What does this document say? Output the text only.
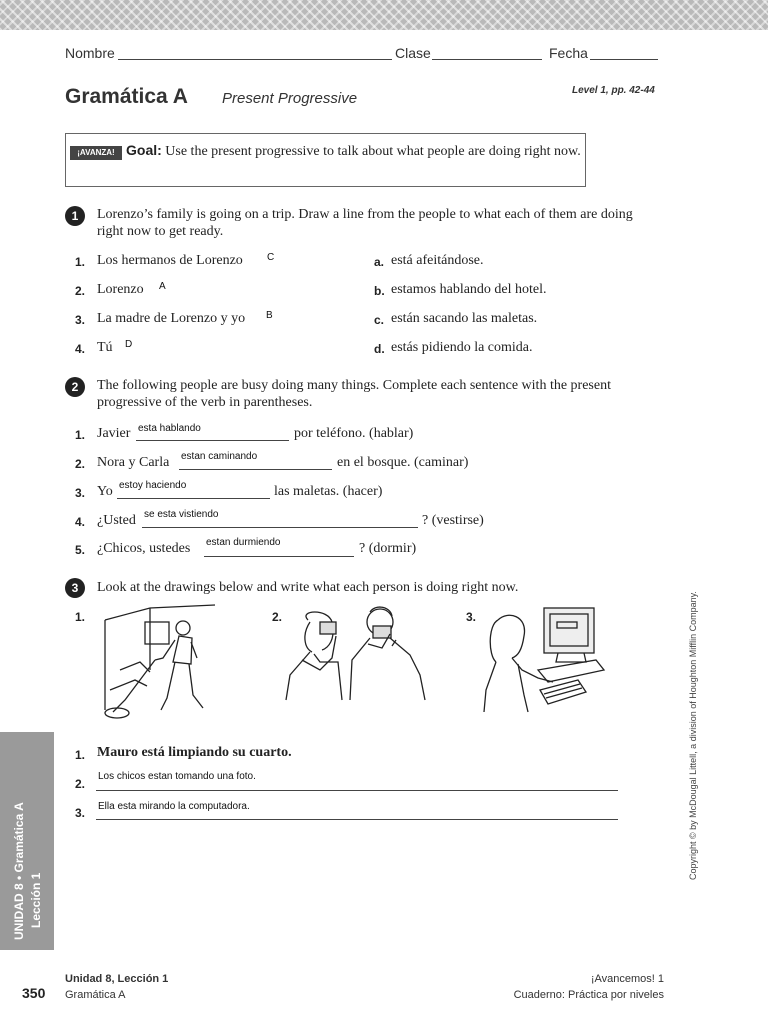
Nombre	Clase	Fecha
Gramática A Present Progressive	Level 1, pp. 42-44
¡AVANZA! Goal: Use the present progressive to talk about what people are doing right now.
1	Lorenzo’s family is going on a trip. Draw a line from the people to what each of them are doing right now to get ready.
1. Los hermanos de Lorenzo C
2. Lorenzo A
3. La madre de Lorenzo y yo B
4. Tú D
a. está afeitándose.
b. estamos hablando del hotel.
c. están sacando las maletas.
d. estás pidiendo la comida.
2	The following people are busy doing many things. Complete each sentence with the present progressive of the verb in parentheses.
1. Javier esta hablando	por teléfono. (hablar)
2. Nora y Carla estan caminando	en el bosque. (caminar)
3. Yo estoy haciendo	las maletas. (hacer)
4. ¿Usted se esta vistiendo	? (vestirse)
5. ¿Chicos, ustedes estan durmiendo	? (dormir)
3	Look at the drawings below and write what each person is doing right now.
1.	2.	3.
1. Mauro está limpiando su cuarto.
2.
Los chicos estan tomando una foto.
3. Ella esta mirando la computadora.
UNIDAD 8 • Gramática A Lección 1
Copyright © by McDougal Littell, a division of Houghton Mifflin Company.
350
Unidad 8, Lección 1
Gramática A
¡Avancemos! 1
Cuaderno: Práctica por niveles
